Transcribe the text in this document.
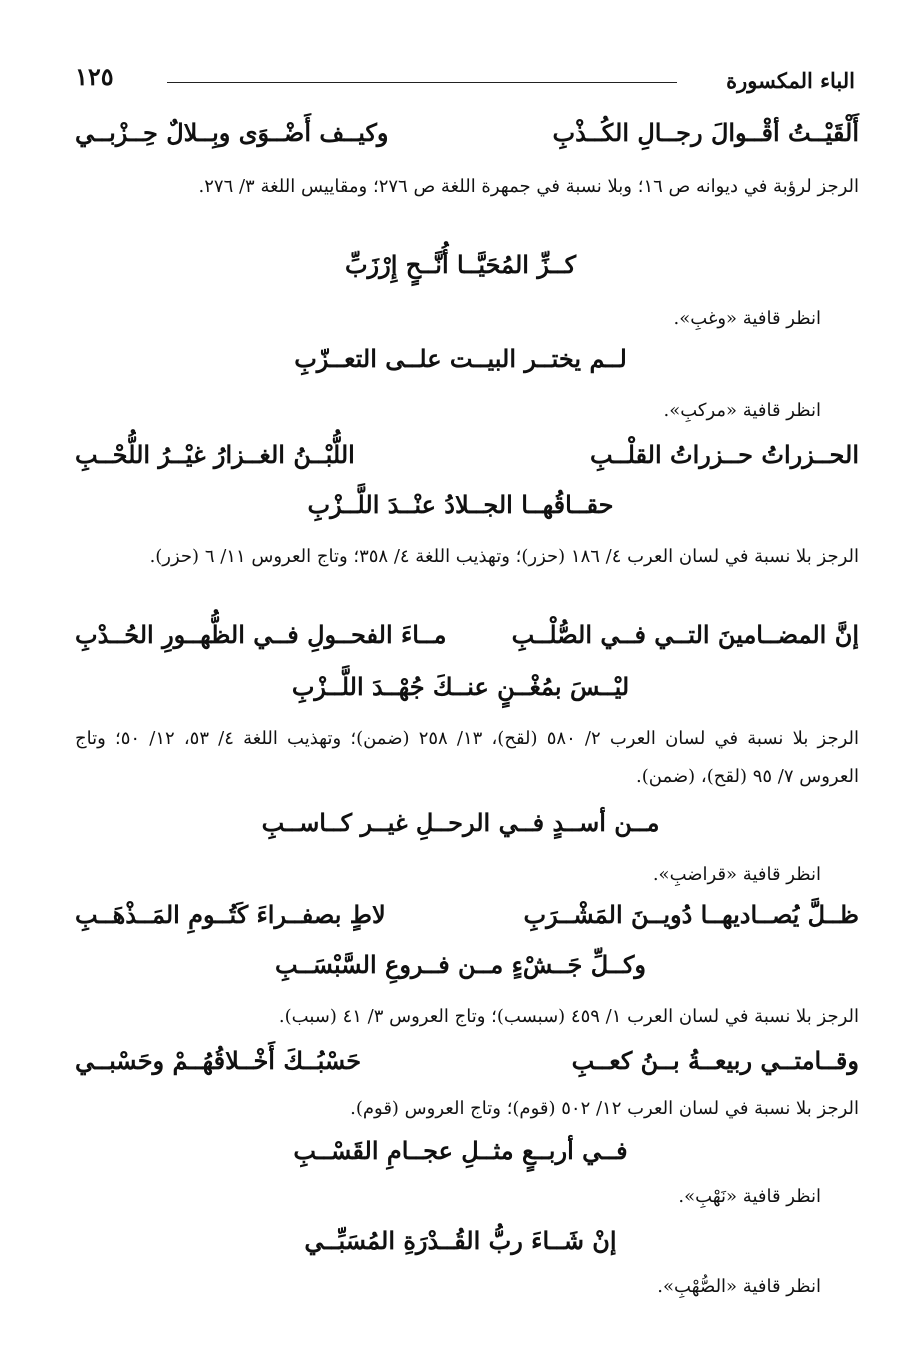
الباء المكسورة
١٢٥
أَلْقَيْــتُ أقْــوالَ رجــالِ الكُــذْبِ
وكيــف أَضْــوَى وبِــلالٌ حِــزْبــي
الرجز لرؤبة في ديوانه ص ١٦؛ وبلا نسبة في جمهرة اللغة ص ٢٧٦؛ ومقاييس اللغة ٣/ ٢٧٦.
كــزِّ المُحَيَّــا أُنَّــحٍ إِرْزَبِّ
انظر قافية «وغبِ».
لــم يختــر البيــت علــى التعــزّبِ
انظر قافية «مركبِ».
الحــزراتُ حــزراتُ القلْــبِ
اللُّبْــنُ الغــزارُ غيْــرُ اللُّحْــبِ
حقــاقُهــا الجــلادُ عنْــدَ اللَّــزْبِ
الرجز بلا نسبة في لسان العرب ٤/ ١٨٦ (حزر)؛ وتهذيب اللغة ٤/ ٣٥٨؛ وتاج العروس ١١/ ٦ (حزر).
إنَّ المضــامينَ التــي فــي الصُّلْــبِ
مــاءَ الفحــولِ فــي الظُّهــورِ الحُــدْبِ
ليْــسَ بمُغْــنٍ عنــكَ جُهْــدَ اللَّــزْبِ
الرجز بلا نسبة في لسان العرب ٢/ ٥٨٠ (لقح)، ١٣/ ٢٥٨ (ضمن)؛ وتهذيب اللغة ٤/ ٥٣، ١٢/ ٥٠؛ وتاج العروس ٧/ ٩٥ (لقح)، (ضمن).
مــن أســدٍ فــي الرحــلِ غيــر كــاســبِ
انظر قافية «قراضبِ».
ظــلَّ يُصــاديهــا دُويــنَ المَشْــرَبِ
لاطٍ بصفــراءَ كَتُــومِ المَــذْهَــبِ
وكــلِّ جَــشْءٍ مــن فــروعِ السَّبْسَــبِ
الرجز بلا نسبة في لسان العرب ١/ ٤٥٩ (سبسب)؛ وتاج العروس ٣/ ٤١ (سبب).
وقــامتــي ربيعــةُ بــنُ كعــبِ
حَسْبُــكَ أَخْــلاقُهُــمْ وحَسْبــي
الرجز بلا نسبة في لسان العرب ١٢/ ٥٠٢ (قوم)؛ وتاج العروس (قوم).
فــي أربــعٍ مثــلِ عجــامِ القَسْــبِ
انظر قافية «نَهْبِ».
إنْ شَــاءَ ربُّ القُــدْرَةِ المُسَبِّــي
انظر قافية «الصُّهْبِ».
